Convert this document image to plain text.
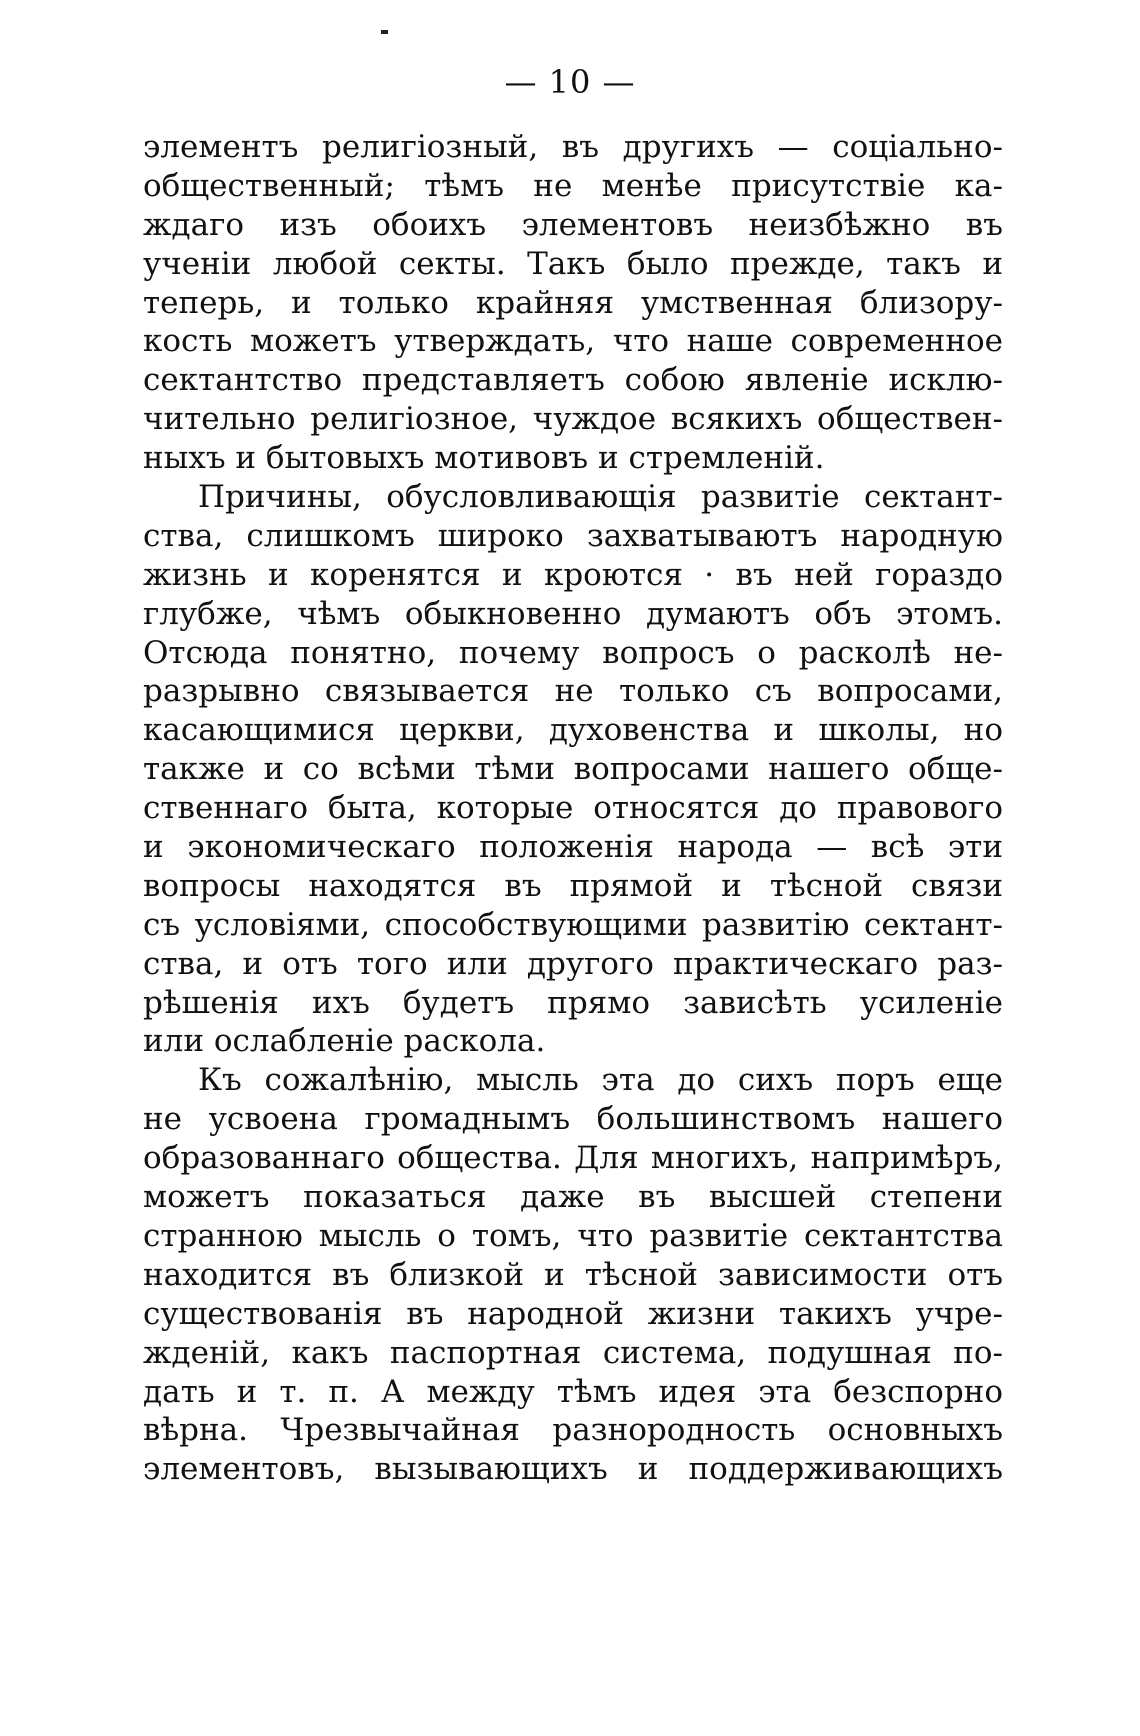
— 10 —
элементъ религіозный, въ другихъ — соціально-
общественный; тѣмъ не менѣе присутствіе ка-
ждаго изъ обоихъ элементовъ неизбѣжно въ
ученіи любой секты. Такъ было прежде, такъ и
теперь, и только крайняя умственная близору-
кость можетъ утверждать, что наше современное
сектантство представляетъ собою явленіе исклю-
чительно религіозное, чуждое всякихъ обществен-
ныхъ и бытовыхъ мотивовъ и стремленій.
Причины, обусловливающія развитіе сектант-
ства, слишкомъ широко захватываютъ народную
жизнь и коренятся и кроются · въ ней гораздо
глубже, чѣмъ обыкновенно думаютъ объ этомъ.
Отсюда понятно, почему вопросъ о расколѣ не-
разрывно связывается не только съ вопросами,
касающимися церкви, духовенства и школы, но
также и со всѣми тѣми вопросами нашего обще-
ственнаго быта, которые относятся до правового
и экономическаго положенія народа — всѣ эти
вопросы находятся въ прямой и тѣсной связи
съ условіями, способствующими развитію сектант-
ства, и отъ того или другого практическаго раз-
рѣшенія ихъ будетъ прямо зависѣть усиленіе
или ослабленіе раскола.
Къ сожалѣнію, мысль эта до сихъ поръ еще
не усвоена громаднымъ большинствомъ нашего
образованнаго общества. Для многихъ, напримѣръ,
можетъ показаться даже въ высшей степени
странною мысль о томъ, что развитіе сектантства
находится въ близкой и тѣсной зависимости отъ
существованія въ народной жизни такихъ учре-
жденій, какъ паспортная система, подушная по-
дать и т. п. А между тѣмъ идея эта безспорно
вѣрна. Чрезвычайная разнородность основныхъ
элементовъ, вызывающихъ и поддерживающихъ
